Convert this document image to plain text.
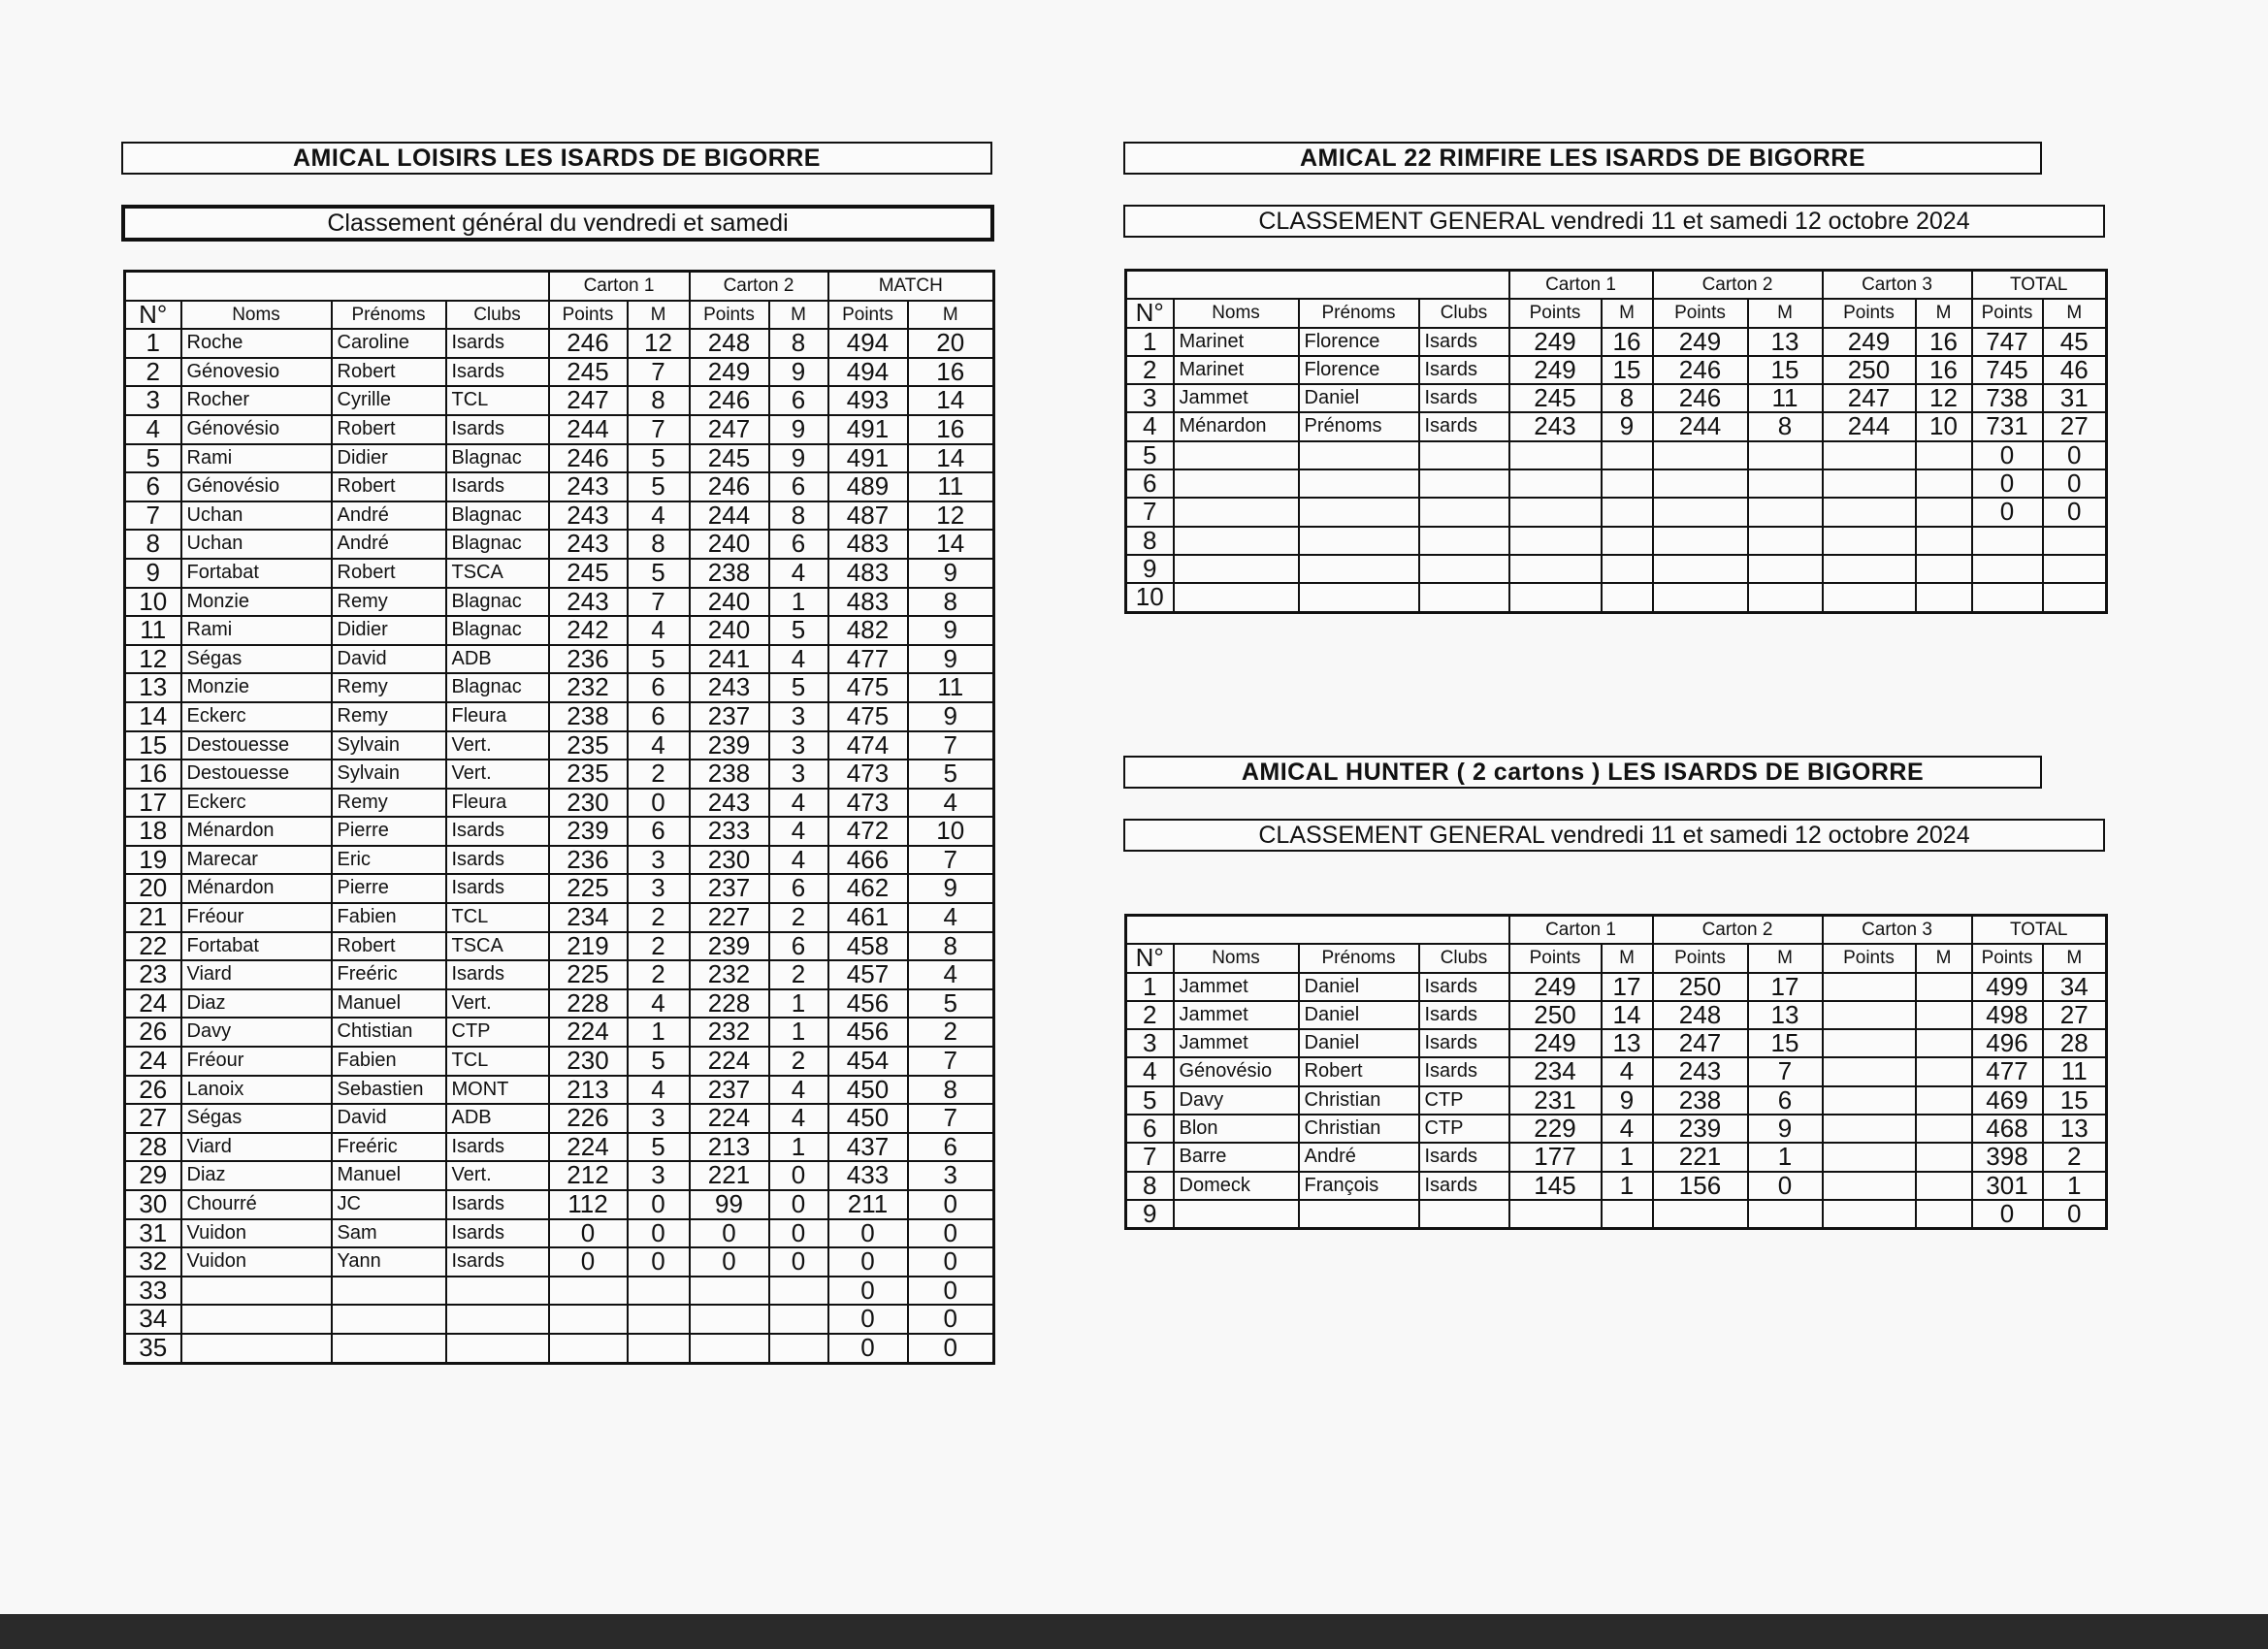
AMICAL LOISIRS LES ISARDS DE BIGORRE
Classement général du vendredi et samedi
				Carton 1		Carton 2		MATCH	
N°	Noms	Prénoms	Clubs	Points	M	Points	M	Points	M
1	Roche	Caroline	Isards	246	12	248	8	494	20
2	Génovesio	Robert	Isards	245	7	249	9	494	16
3	Rocher	Cyrille	TCL	247	8	246	6	493	14
4	Génovésio	Robert	Isards	244	7	247	9	491	16
5	Rami	Didier	Blagnac	246	5	245	9	491	14
6	Génovésio	Robert	Isards	243	5	246	6	489	11
7	Uchan	André	Blagnac	243	4	244	8	487	12
8	Uchan	André	Blagnac	243	8	240	6	483	14
9	Fortabat	Robert	TSCA	245	5	238	4	483	9
10	Monzie	Remy	Blagnac	243	7	240	1	483	8
11	Rami	Didier	Blagnac	242	4	240	5	482	9
12	Ségas	David	ADB	236	5	241	4	477	9
13	Monzie	Remy	Blagnac	232	6	243	5	475	11
14	Eckerc	Remy	Fleura	238	6	237	3	475	9
15	Destouesse	Sylvain	Vert.	235	4	239	3	474	7
16	Destouesse	Sylvain	Vert.	235	2	238	3	473	5
17	Eckerc	Remy	Fleura	230	0	243	4	473	4
18	Ménardon	Pierre	Isards	239	6	233	4	472	10
19	Marecar	Eric	Isards	236	3	230	4	466	7
20	Ménardon	Pierre	Isards	225	3	237	6	462	9
21	Fréour	Fabien	TCL	234	2	227	2	461	4
22	Fortabat	Robert	TSCA	219	2	239	6	458	8
23	Viard	Freéric	Isards	225	2	232	2	457	4
24	Diaz	Manuel	Vert.	228	4	228	1	456	5
26	Davy	Chtistian	CTP	224	1	232	1	456	2
24	Fréour	Fabien	TCL	230	5	224	2	454	7
26	Lanoix	Sebastien	MONT	213	4	237	4	450	8
27	Ségas	David	ADB	226	3	224	4	450	7
28	Viard	Freéric	Isards	224	5	213	1	437	6
29	Diaz	Manuel	Vert.	212	3	221	0	433	3
30	Chourré	JC	Isards	112	0	99	0	211	0
31	Vuidon	Sam	Isards	0	0	0	0	0	0
32	Vuidon	Yann	Isards	0	0	0	0	0	0
33								0	0
34								0	0
35								0	0
AMICAL 22 RIMFIRE LES ISARDS DE BIGORRE
CLASSEMENT GENERAL vendredi 11 et samedi 12 octobre 2024
				Carton 1		Carton 2		Carton 3		TOTAL	
N°	Noms	Prénoms	Clubs	Points	M	Points	M	Points	M	Points	M
1	Marinet	Florence	Isards	249	16	249	13	249	16	747	45
2	Marinet	Florence	Isards	249	15	246	15	250	16	745	46
3	Jammet	Daniel	Isards	245	8	246	11	247	12	738	31
4	Ménardon	Prénoms	Isards	243	9	244	8	244	10	731	27
5										0	0
6										0	0
7										0	0
8											
9											
10											
AMICAL HUNTER ( 2 cartons ) LES ISARDS DE BIGORRE
CLASSEMENT GENERAL vendredi 11 et samedi 12 octobre 2024
				Carton 1		Carton 2		Carton 3		TOTAL	
N°	Noms	Prénoms	Clubs	Points	M	Points	M	Points	M	Points	M
1	Jammet	Daniel	Isards	249	17	250	17			499	34
2	Jammet	Daniel	Isards	250	14	248	13			498	27
3	Jammet	Daniel	Isards	249	13	247	15			496	28
4	Génovésio	Robert	Isards	234	4	243	7			477	11
5	Davy	Christian	CTP	231	9	238	6			469	15
6	Blon	Christian	CTP	229	4	239	9			468	13
7	Barre	André	Isards	177	1	221	1			398	2
8	Domeck	François	Isards	145	1	156	0			301	1
9										0	0
